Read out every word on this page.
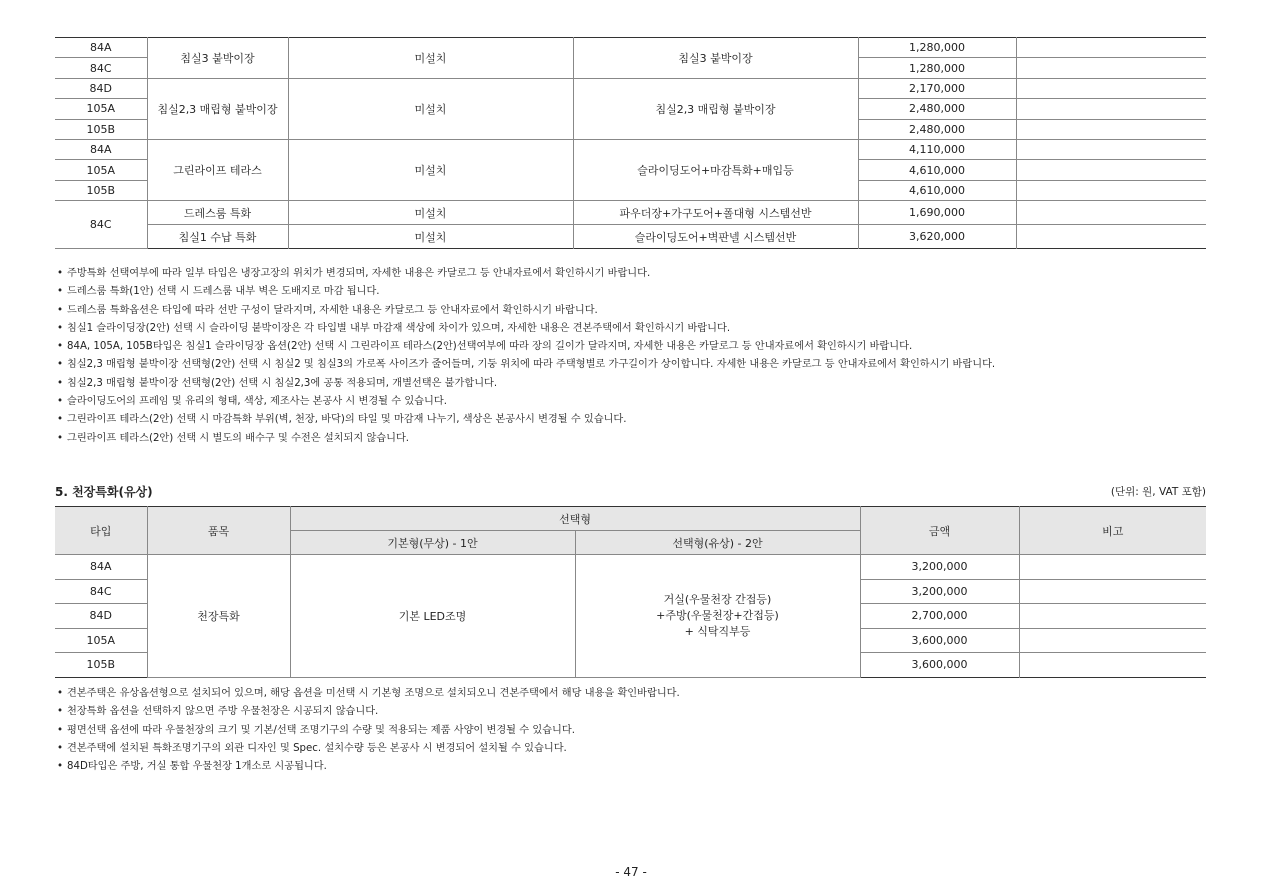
84A	침실3 붙박이장	미설치	침실3 붙박이장	1,280,000	
84C				1,280,000	
84D	침실2,3 매립형 붙박이장	미설치	침실2,3 매립형 붙박이장	2,170,000	
105A				2,480,000	
105B				2,480,000	
84A	그린라이프 테라스	미설치	슬라이딩도어+마감특화+매입등	4,110,000	
105A				4,610,000	
105B				4,610,000	
84C	드레스룸 특화	미설치	파우더장+가구도어+폴대형 시스템선반	1,690,000	
	침실1 수납 특화	미설치	슬라이딩도어+벽판넬 시스템선반	3,620,000	
• 주방특화 선택여부에 따라 일부 타입은 냉장고장의 위치가 변경되며, 자세한 내용은 카달로그 등 안내자료에서 확인하시기 바랍니다.
• 드레스룸 특화(1안) 선택 시 드레스룸 내부 벽은 도배지로 마감 됩니다.
• 드레스룸 특화옵션은 타입에 따라 선반 구성이 달라지며, 자세한 내용은 카달로그 등 안내자료에서 확인하시기 바랍니다.
• 침실1 슬라이딩장(2안) 선택 시 슬라이딩 붙박이장은 각 타입별 내부 마감재 색상에 차이가 있으며, 자세한 내용은 견본주택에서 확인하시기 바랍니다.
• 84A, 105A, 105B타입은 침실1 슬라이딩장 옵션(2안) 선택 시 그린라이프 테라스(2안)선택여부에 따라 장의 길이가 달라지며, 자세한 내용은 카달로그 등 안내자료에서 확인하시기 바랍니다.
• 침실2,3 매립형 붙박이장 선택형(2안) 선택 시 침실2 및 침실3의 가로폭 사이즈가 줄어들며, 기둥 위치에 따라 주택형별로 가구길이가 상이합니다. 자세한 내용은 카달로그 등 안내자료에서 확인하시기 바랍니다.
• 침실2,3 매립형 붙박이장 선택형(2안) 선택 시 침실2,3에 공통 적용되며, 개별선택은 불가합니다.
• 슬라이딩도어의 프레임 및 유리의 형태, 색상, 제조사는 본공사 시 변경될 수 있습니다.
• 그린라이프 테라스(2안) 선택 시 마감특화 부위(벽, 천장, 바닥)의 타일 및 마감재 나누기, 색상은 본공사시 변경될 수 있습니다.
• 그린라이프 테라스(2안) 선택 시 별도의 배수구 및 수전은 설치되지 않습니다.
5. 천장특화(유상)	(단위: 원, VAT 포함)
타입	품목	선택형		금액	비고
		기본형(무상) - 1안	선택형(유상) - 2안		
84A	천장특화	기본 LED조명	거실(우물천장 간접등)
+주방(우물천장+간접등)
+ 식탁직부등	3,200,000	
84C				3,200,000	
84D				2,700,000	
105A				3,600,000	
105B				3,600,000	
• 견본주택은 유상옵션형으로 설치되어 있으며, 해당 옵션을 미선택 시 기본형 조명으로 설치되오니 견본주택에서 해당 내용을 확인바랍니다.
• 천장특화 옵션을 선택하지 않으면 주방 우물천장은 시공되지 않습니다.
• 평면선택 옵션에 따라 우물천장의 크기 및 기본/선택 조명기구의 수량 및 적용되는 제품 사양이 변경될 수 있습니다.
• 견본주택에 설치된 특화조명기구의 외관 디자인 및 Spec. 설치수량 등은 본공사 시 변경되어 설치될 수 있습니다.
• 84D타입은 주방, 거실 통합 우물천장 1개소로 시공됩니다.
- 47 -
